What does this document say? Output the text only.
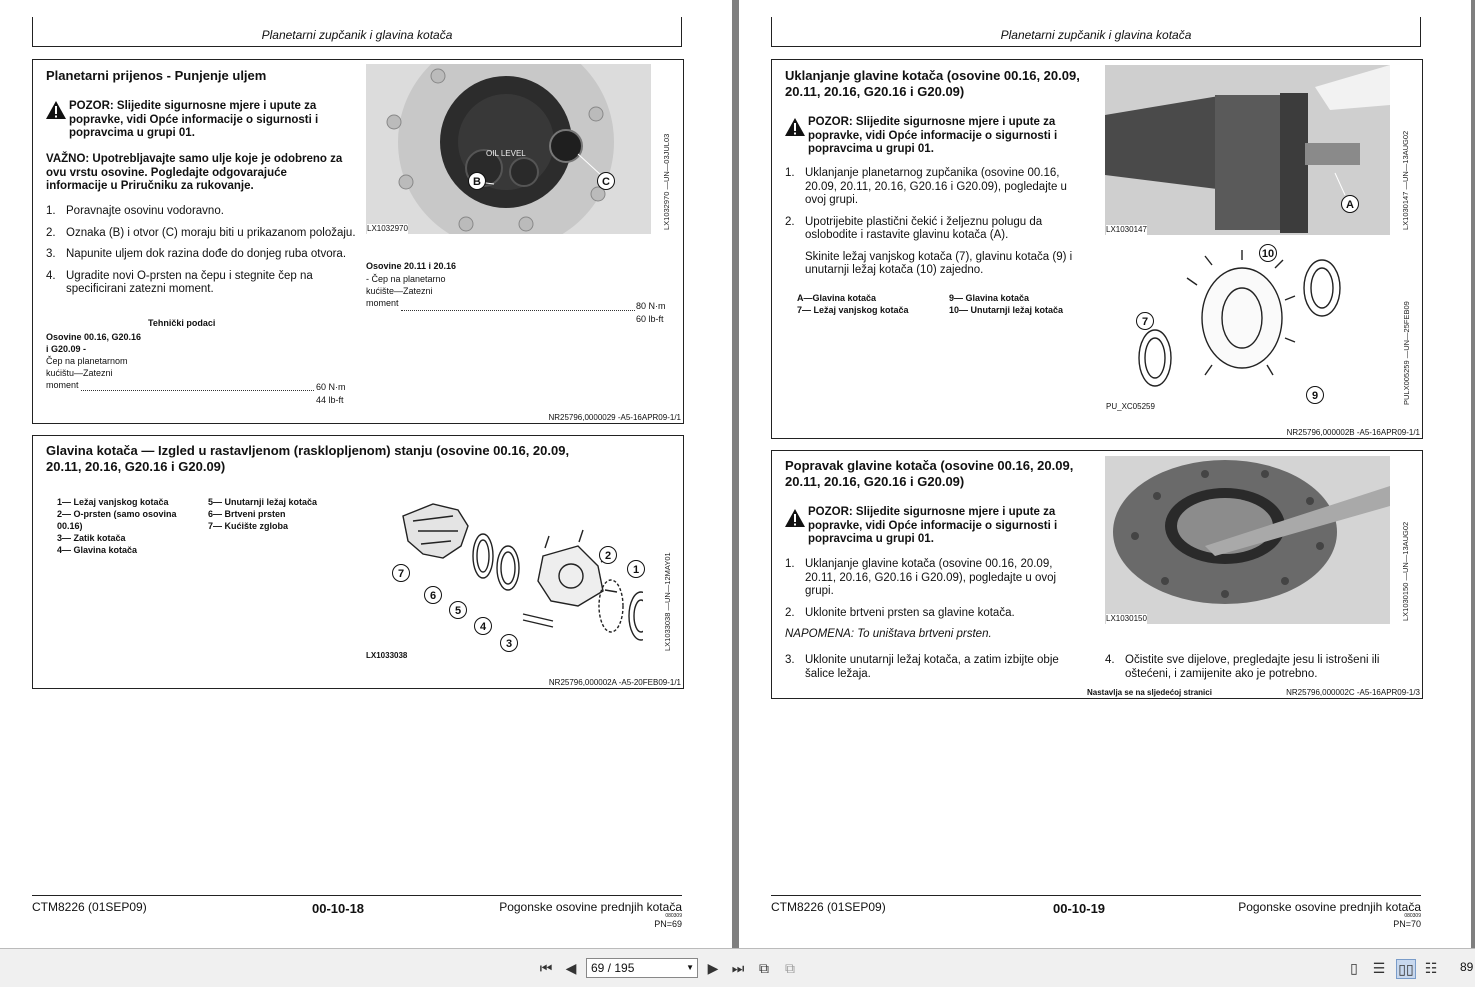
Planetarni zupčanik i glavina kotača
Planetarni prijenos - Punjenje uljem
POZOR: Slijedite sigurnosne mjere i upute za popravke, vidi Opće informacije o sigurnosti i popravcima u grupi 01.
VAŽNO: Upotrebljavajte samo ulje koje je odobreno za ovu vrstu osovine. Pogledajte odgovarajuće informacije u Priručniku za rukovanje.
1. Poravnajte osovinu vodoravno.
2. Oznaka (B) i otvor (C) moraju biti u prikazanom položaju.
3. Napunite uljem dok razina dođe do donjeg ruba otvora.
4. Ugradite novi O-prsten na čepu i stegnite čep na specificirani zatezni moment.
Tehnički podaci
Osovine 00.16, G20.16 i G20.09 -
Čep na planetarnom kućištu—Zatezni moment	60 N·m
44 lb-ft
OIL LEVEL
B	C
LX1032970	LX1032970 —UN—03JUL03
Osovine 20.11 i 20.16
- Čep na planetarno kućište—Zatezni moment	80 N·m
60 lb-ft
NR25796,0000029 -A5-16APR09-1/1
Glavina kotača — Izgled u rastavljenom (rasklopljenom) stanju (osovine 00.16, 20.09, 20.11, 20.16, G20.16 i G20.09)
1— Ležaj vanjskog kotača
2— O-prsten (samo osovina 00.16)
3— Zatik kotača
4— Glavina kotača
5— Unutarnji ležaj kotača
6— Brtveni prsten
7— Kućište zgloba
7
6
5
4
3
2
1
LX1033038
LX1033038 —UN—12MAY01
NR25796,000002A -A5-20FEB09-1/1
CTM8226 (01SEP09)	00-10-18	Pogonske osovine prednjih kotača
080309
PN=69
Planetarni zupčanik i glavina kotača
Uklanjanje glavine kotača (osovine 00.16, 20.09, 20.11, 20.16, G20.16 i G20.09)
POZOR: Slijedite sigurnosne mjere i upute za popravke, vidi Opće informacije o sigurnosti i popravcima u grupi 01.
1. Uklanjanje planetarnog zupčanika (osovine 00.16, 20.09, 20.11, 20.16, G20.16 i G20.09), pogledajte u ovoj grupi.
2. Upotrijebite plastični čekić i željeznu polugu da oslobodite i rastavite glavinu kotača (A).
Skinite ležaj vanjskog kotača (7), glavinu kotača (9) i unutarnji ležaj kotača (10) zajedno.
A—Glavina kotača
7— Ležaj vanjskog kotača
9— Glavina kotača
10— Unutarnji ležaj kotača
A
LX1030147	LX1030147 —UN—13AUG02
7
9
10
PU_XC05259
PULX005259 —UN—25FEB09
NR25796,000002B -A5-16APR09-1/1
Popravak glavine kotača (osovine 00.16, 20.09, 20.11, 20.16, G20.16 i G20.09)
POZOR: Slijedite sigurnosne mjere i upute za popravke, vidi Opće informacije o sigurnosti i popravcima u grupi 01.
1. Uklanjanje glavine kotača (osovine 00.16, 20.09, 20.11, 20.16, G20.16 i G20.09), pogledajte u ovoj grupi.
2. Uklonite brtveni prsten sa glavine kotača.
NAPOMENA: To uništava brtveni prsten.
3. Uklonite unutarnji ležaj kotača, a zatim izbijte obje šalice ležaja.
4. Očistite sve dijelove, pregledajte jesu li istrošeni ili oštećeni, i zamijenite ako je potrebno.
LX1030150	LX1030150 —UN—13AUG02
Nastavlja se na sljedećoj stranici	NR25796,000002C -A5-16APR09-1/3
CTM8226 (01SEP09)	00-10-19	Pogonske osovine prednjih kotača
080309
PN=70
⏮ ◀	▶ ⏭ ⧉ ⧉	▯	☰ ▯▯ ☷ 89
69 / 195	▼
